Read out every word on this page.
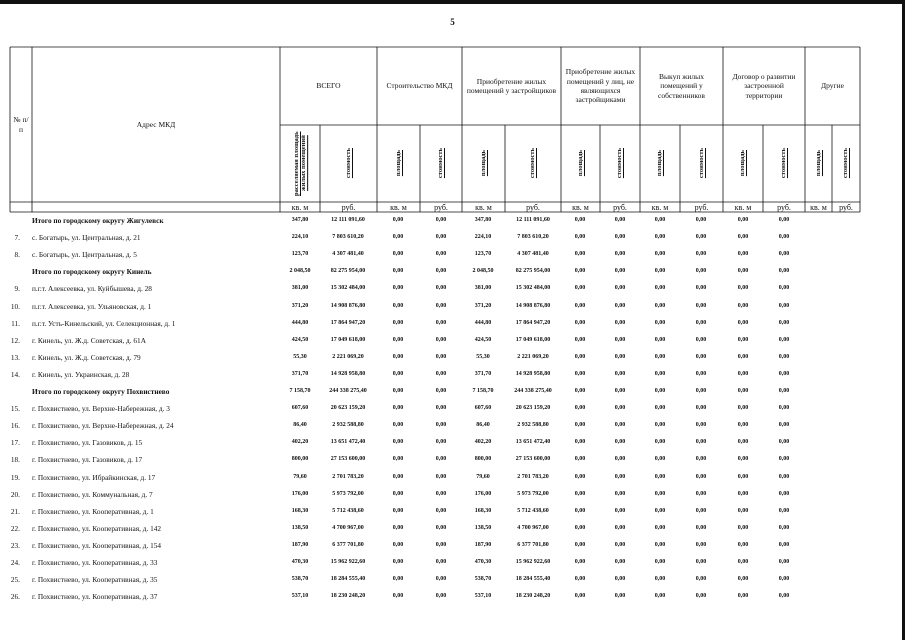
5
№ п/п
Адрес МКД
ВСЕГО	Строительство МКД
Приобретение жилых помещений у застройщиков
Приобретение жилых помещений у лиц, не являющихся застройщиками
Выкуп жилых помещений у собственников
Договор о развитии застроенной территории
Другие
расселяемая площадь жилых помещений	стоимость	площадь	стоимость	площадь	стоимость	площадь	стоимость	площадь	стоимость	площадь	стоимость	площадь	стоимость
кв. м	руб.	кв. м	руб.	кв. м	руб.	кв. м	руб.	кв. м	руб.	кв. м	руб.	кв. м	руб.
Итого по городскому округу Жигулевск	347,80	12 111 091,60	0,00	0,00	347,80	12 111 091,60	0,00	0,00	0,00	0,00	0,00	0,00
7. с. Богатырь, ул. Центральная, д. 21	224,10	7 803 610,20	0,00	0,00	224,10	7 803 610,20	0,00	0,00	0,00	0,00	0,00	0,00
8. с. Богатырь, ул. Центральная, д. 5	123,70	4 307 481,40	0,00	0,00	123,70	4 307 481,40	0,00	0,00	0,00	0,00	0,00	0,00
Итого по городскому округу Кинель	2 048,50	82 275 954,00	0,00	0,00	2 048,50	82 275 954,00	0,00	0,00	0,00	0,00	0,00	0,00
9. п.г.т. Алексеевка, ул. Куйбышева, д. 28	381,00	15 302 484,00	0,00	0,00	381,00	15 302 484,00	0,00	0,00	0,00	0,00	0,00	0,00
10. п.г.т. Алексеевка, ул. Ульяновская, д. 1	371,20	14 908 876,80	0,00	0,00	371,20	14 908 876,80	0,00	0,00	0,00	0,00	0,00	0,00
11. п.г.т. Усть-Кинельский, ул. Селекционная, д. 1	444,80	17 864 947,20	0,00	0,00	444,80	17 864 947,20	0,00	0,00	0,00	0,00	0,00	0,00
12. г. Кинель, ул. Ж.д. Советская, д. 61А	424,50	17 049 618,00	0,00	0,00	424,50	17 049 618,00	0,00	0,00	0,00	0,00	0,00	0,00
13. г. Кинель, ул. Ж.д. Советская, д. 79	55,30	2 221 069,20	0,00	0,00	55,30	2 221 069,20	0,00	0,00	0,00	0,00	0,00	0,00
14. г. Кинель, ул. Украинская, д. 28	371,70	14 928 958,80	0,00	0,00	371,70	14 928 958,80	0,00	0,00	0,00	0,00	0,00	0,00
Итого по городскому округу Похвистнево	7 158,70	244 338 275,40	0,00	0,00	7 158,70	244 338 275,40	0,00	0,00	0,00	0,00	0,00	0,00
15. г. Похвистнево, ул. Верхне-Набережная, д. 3	607,60	20 623 159,20	0,00	0,00	607,60	20 623 159,20	0,00	0,00	0,00	0,00	0,00	0,00
16. г. Похвистнево, ул. Верхне-Набережная, д. 24	86,40	2 932 588,80	0,00	0,00	86,40	2 932 588,80	0,00	0,00	0,00	0,00	0,00	0,00
17. г. Похвистнево, ул. Газовиков, д. 15	402,20	13 651 472,40	0,00	0,00	402,20	13 651 472,40	0,00	0,00	0,00	0,00	0,00	0,00
18. г. Похвистнево, ул. Газовиков, д. 17	800,00	27 153 600,00	0,00	0,00	800,00	27 153 600,00	0,00	0,00	0,00	0,00	0,00	0,00
19. г. Похвистнево, ул. Ибрайкинская, д. 17	79,60	2 701 783,20	0,00	0,00	79,60	2 701 783,20	0,00	0,00	0,00	0,00	0,00	0,00
20. г. Похвистнево, ул. Коммунальная, д. 7	176,00	5 973 792,00	0,00	0,00	176,00	5 973 792,00	0,00	0,00	0,00	0,00	0,00	0,00
21. г. Похвистнево, ул. Кооперативная, д. 1	168,30	5 712 438,60	0,00	0,00	168,30	5 712 438,60	0,00	0,00	0,00	0,00	0,00	0,00
22. г. Похвистнево, ул. Кооперативная, д. 142	138,50	4 700 967,00	0,00	0,00	138,50	4 700 967,00	0,00	0,00	0,00	0,00	0,00	0,00
23. г. Похвистнево, ул. Кооперативная, д. 154	187,90	6 377 701,80	0,00	0,00	187,90	6 377 701,80	0,00	0,00	0,00	0,00	0,00	0,00
24. г. Похвистнево, ул. Кооперативная, д. 33	470,30	15 962 922,60	0,00	0,00	470,30	15 962 922,60	0,00	0,00	0,00	0,00	0,00	0,00
25. г. Похвистнево, ул. Кооперативная, д. 35	538,70	18 284 555,40	0,00	0,00	538,70	18 284 555,40	0,00	0,00	0,00	0,00	0,00	0,00
26. г. Похвистнево, ул. Кооперативная, д. 37	537,10	18 230 248,20	0,00	0,00	537,10	18 230 248,20	0,00	0,00	0,00	0,00	0,00	0,00
